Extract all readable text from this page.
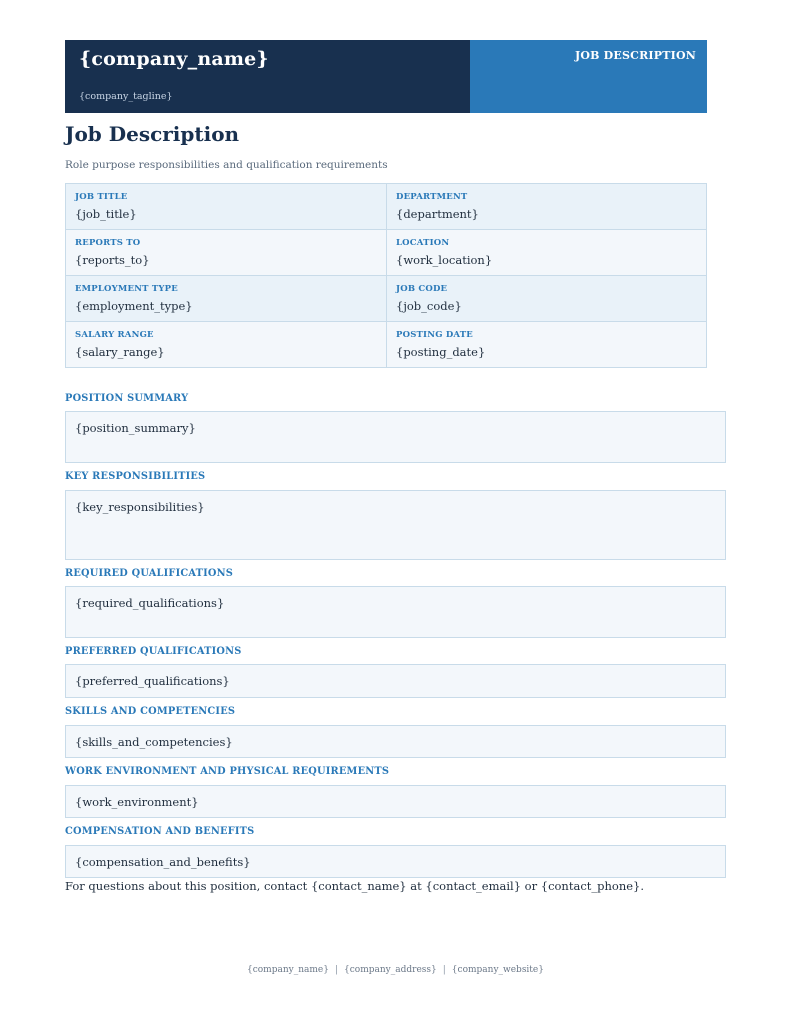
{company_name}
{company_tagline}
JOB DESCRIPTION
Job Description
Role purpose responsibilities and qualification requirements
JOB TITLE
{job_title}
DEPARTMENT
{department}
REPORTS TO
{reports_to}
LOCATION
{work_location}
EMPLOYMENT TYPE
{employment_type}
JOB CODE
{job_code}
SALARY RANGE
{salary_range}
POSTING DATE
{posting_date}
POSITION SUMMARY
{position_summary}
KEY RESPONSIBILITIES
{key_responsibilities}
REQUIRED QUALIFICATIONS
{required_qualifications}
PREFERRED QUALIFICATIONS
{preferred_qualifications}
SKILLS AND COMPETENCIES
{skills_and_competencies}
WORK ENVIRONMENT AND PHYSICAL REQUIREMENTS
{work_environment}
COMPENSATION AND BENEFITS
{compensation_and_benefits}
For questions about this position, contact {contact_name} at {contact_email} or {contact_phone}.
{company_name} | {company_address} | {company_website}
